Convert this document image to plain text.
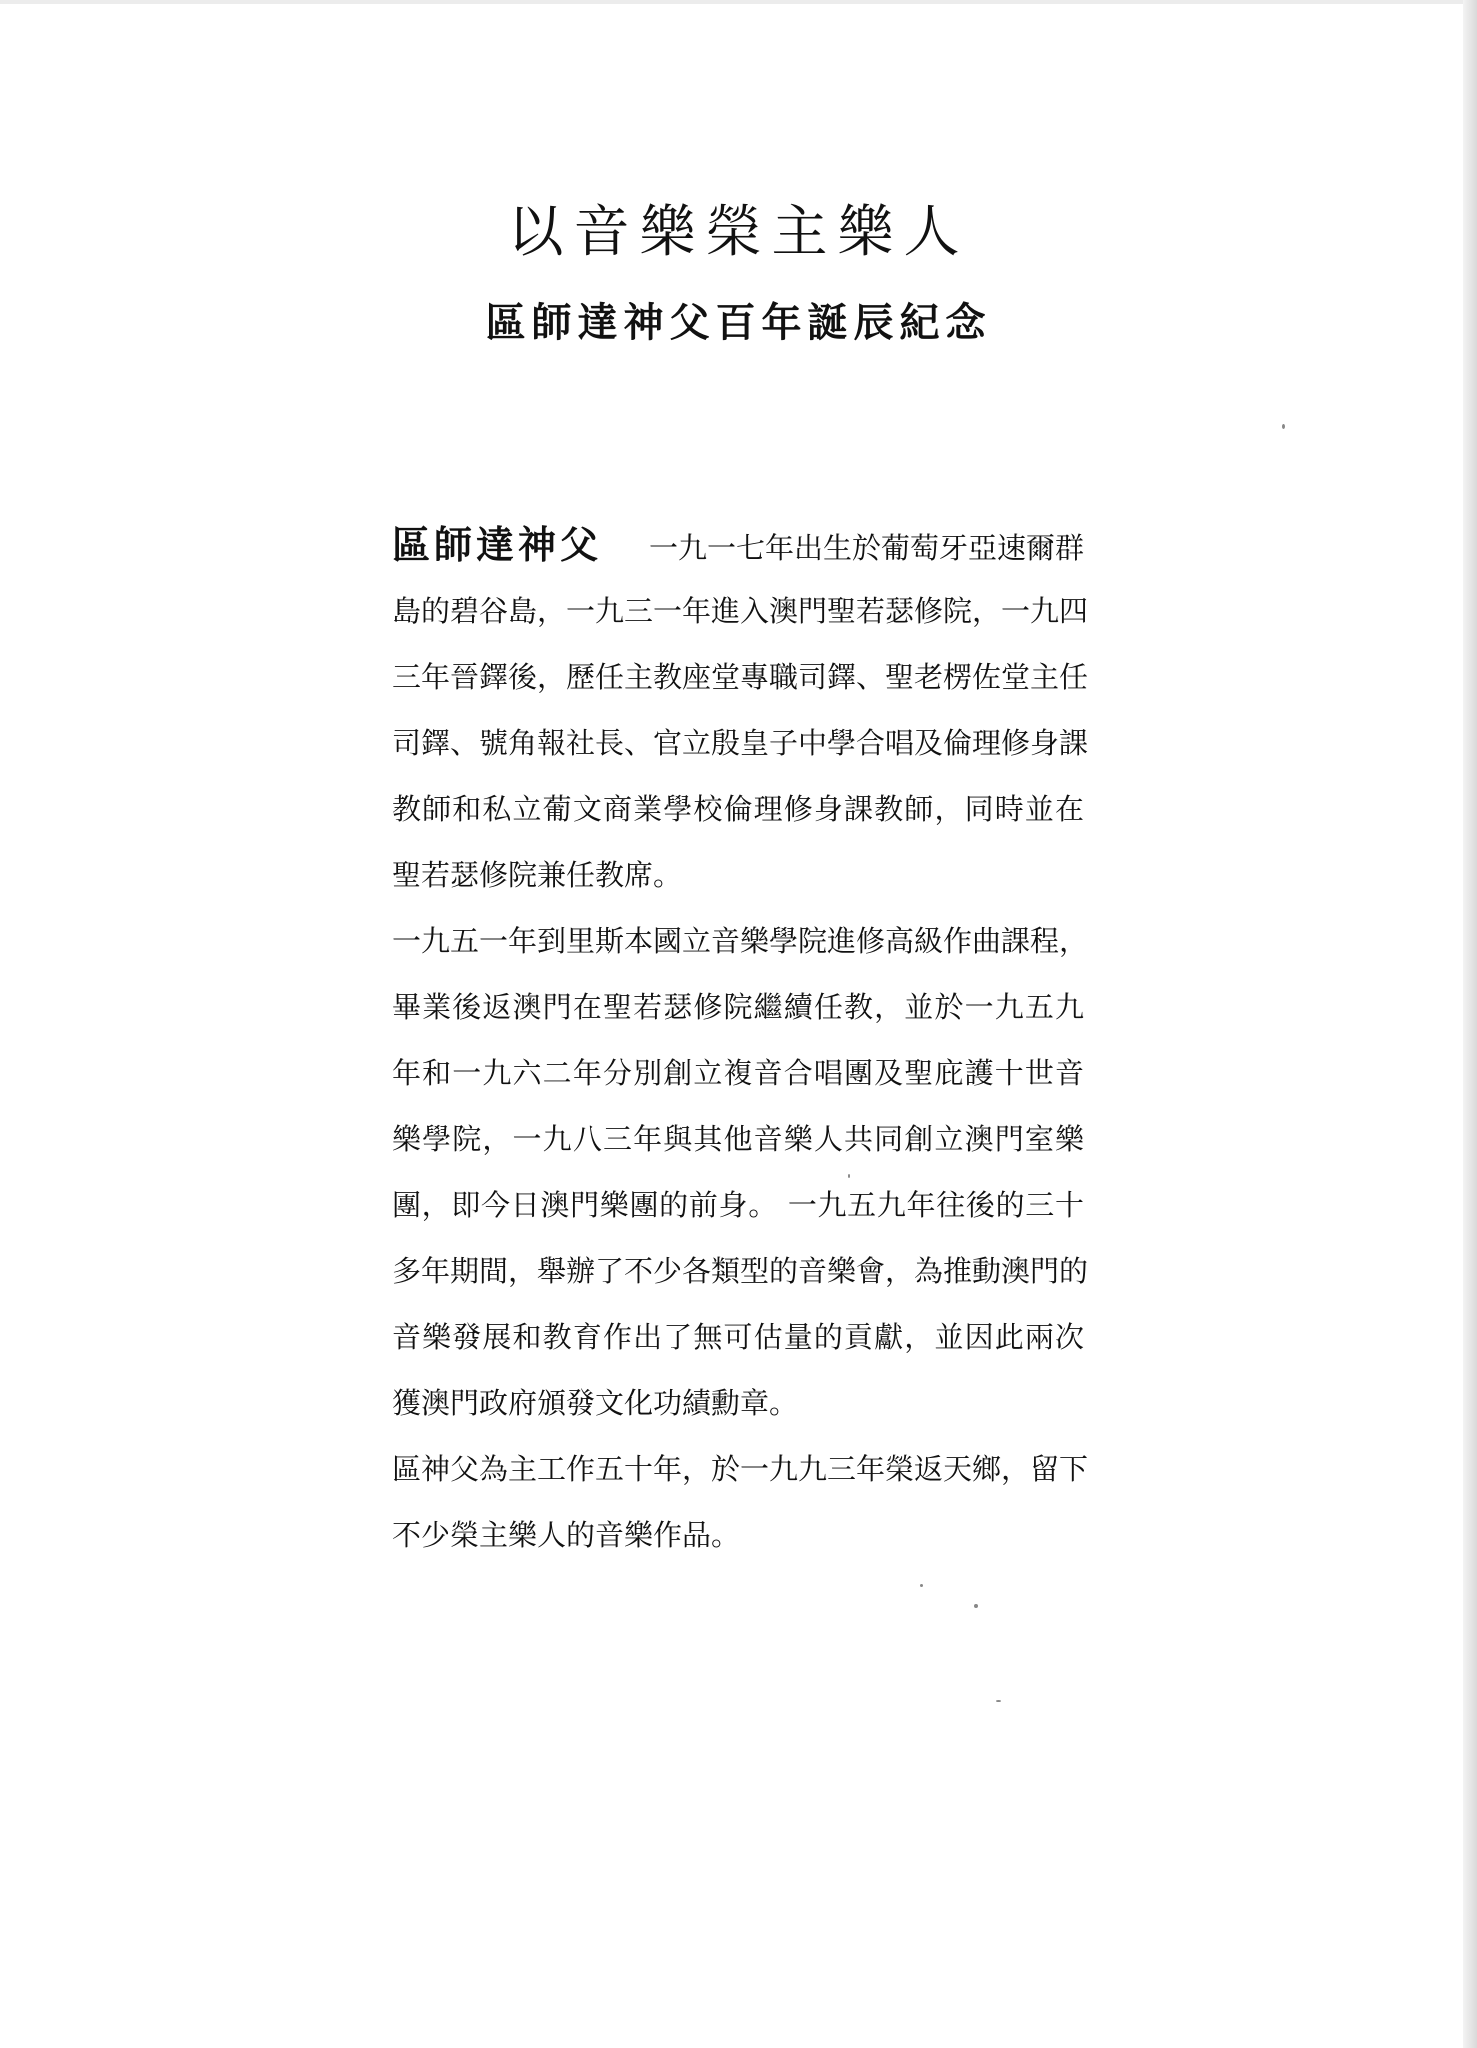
以音樂榮主樂人
區師達神父百年誕辰紀念
區師達神父 一九一七年出生於葡萄牙亞速爾群
島的碧谷島，一九三一年進入澳門聖若瑟修院，一九四
三年晉鐸後，歷任主教座堂專職司鐸、聖老楞佐堂主任
司鐸、號角報社長、官立殷皇子中學合唱及倫理修身課
教師和私立葡文商業學校倫理修身課教師，同時並在
聖若瑟修院兼任教席。
一九五一年到里斯本國立音樂學院進修高級作曲課程，
畢業後返澳門在聖若瑟修院繼續任教，並於一九五九
年和一九六二年分別創立複音合唱團及聖庇護十世音
樂學院，一九八三年與其他音樂人共同創立澳門室樂
團，即今日澳門樂團的前身。 一九五九年往後的三十
多年期間，舉辦了不少各類型的音樂會，為推動澳門的
音樂發展和教育作出了無可估量的貢獻，並因此兩次
獲澳門政府頒發文化功績勳章。
區神父為主工作五十年，於一九九三年榮返天鄉，留下
不少榮主樂人的音樂作品。
